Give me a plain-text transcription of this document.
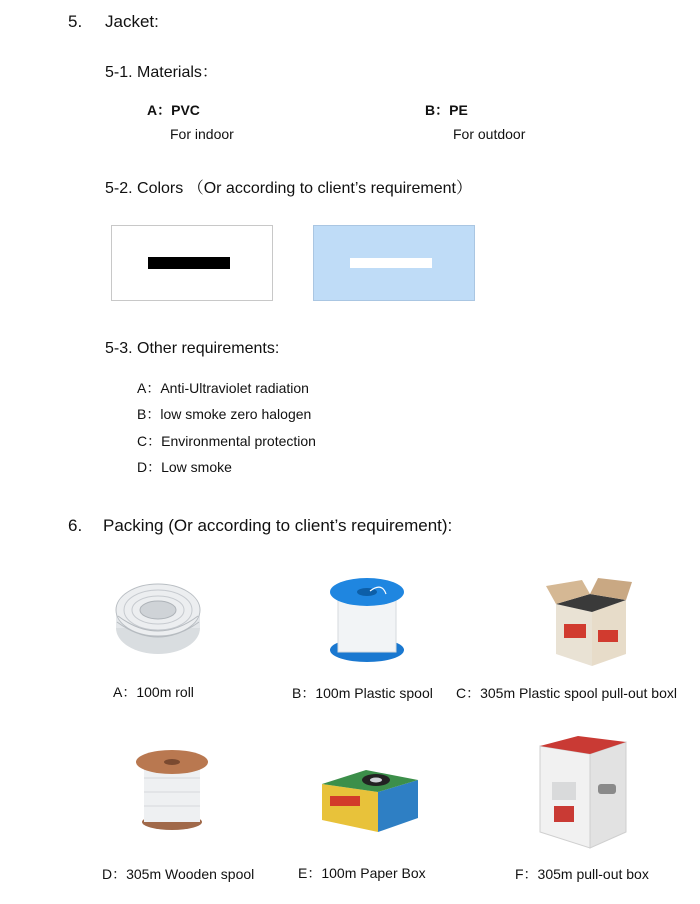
5. Jacket:
5-1. Materials：
A：PVC
For indoor
B：PE
For outdoor
5-2. Colors （Or according to client’s requirement）
5-3. Other requirements:
A：Anti-Ultraviolet radiation
B：low smoke zero halogen
C：Environmental protection
D：Low smoke
6. Packing (Or according to client’s requirement):
A：100m roll	B：100m Plastic spool C：305m Plastic spool pull-out boxl
D：305m Wooden spool	E：100m Paper Box	F：305m pull-out box
